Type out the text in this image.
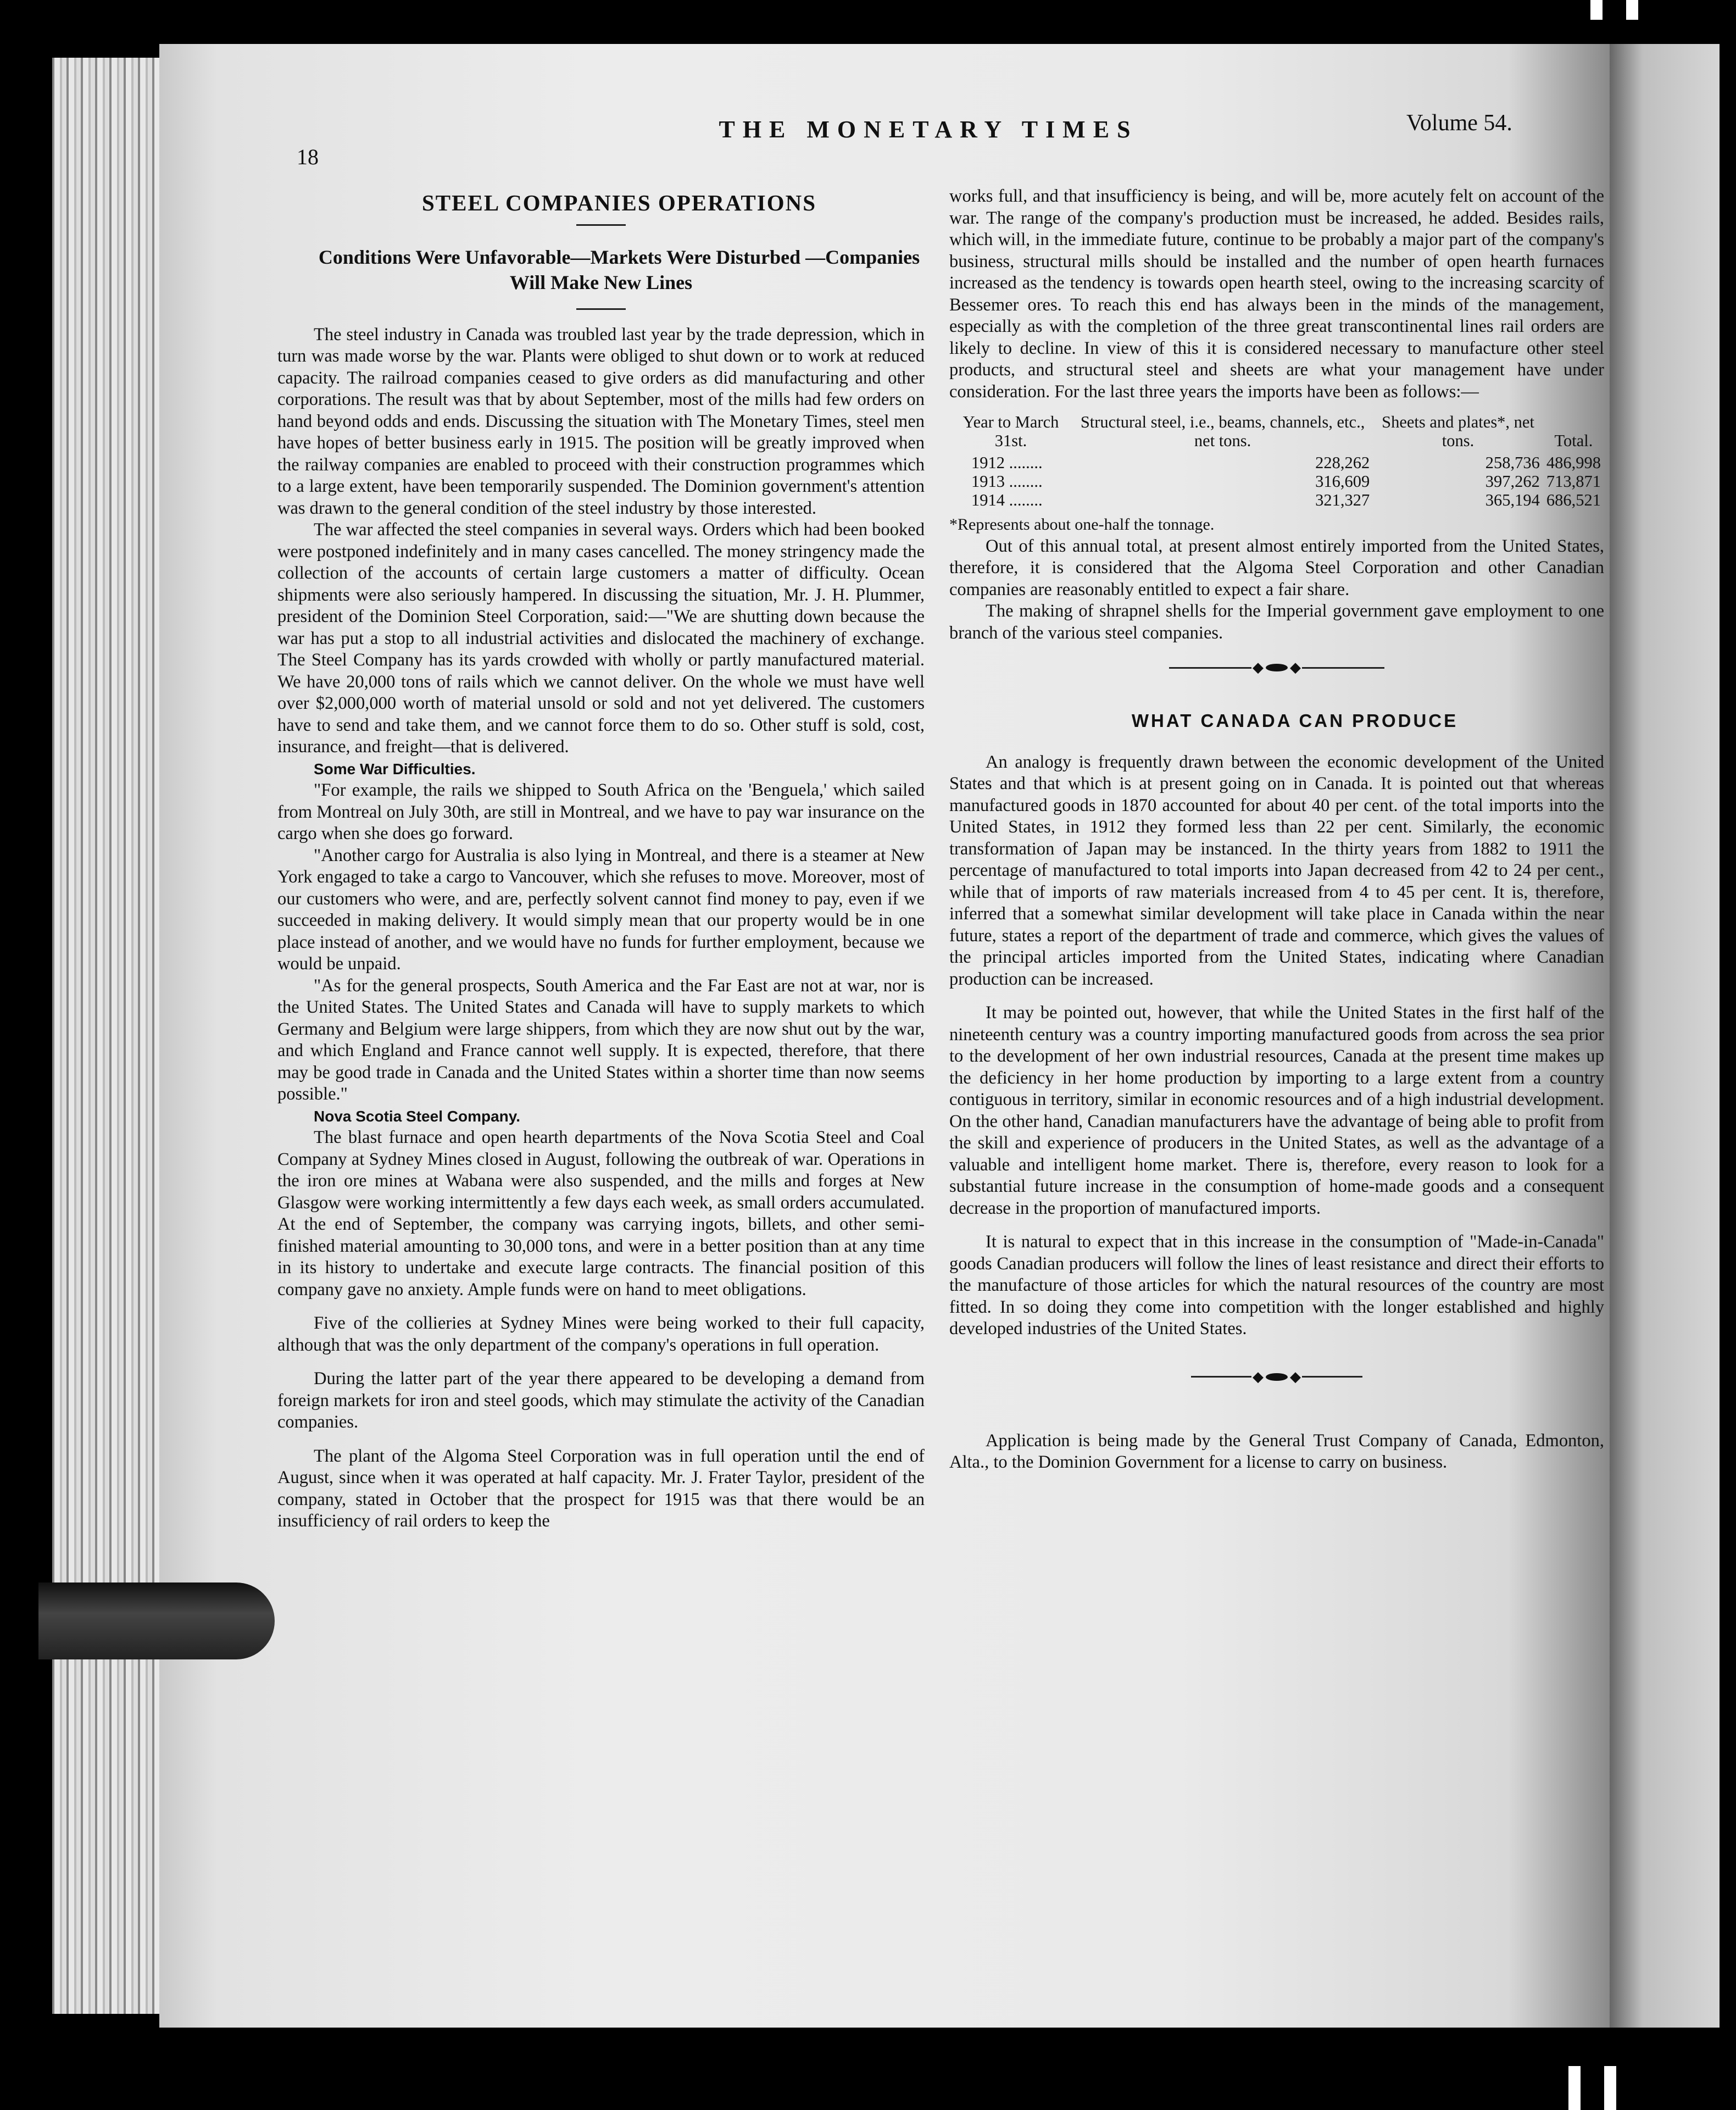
18
THE MONETARY TIMES	Volume 54.

STEEL COMPANIES OPERATIONS

Conditions Were Unfavorable—Markets Were Disturbed —Companies Will Make New Lines

The steel industry in Canada was troubled last year by the trade depression, which in turn was made worse by the war. Plants were obliged to shut down or to work at reduced capacity. The railroad companies ceased to give orders as did manufacturing and other corporations. The result was that by about September, most of the mills had few orders on hand beyond odds and ends. Discussing the situation with The Monetary Times, steel men have hopes of better business early in 1915. The position will be greatly improved when the railway companies are enabled to proceed with their construction programmes which to a large extent, have been temporarily suspended. The Dominion government's attention was drawn to the general condition of the steel industry by those interested.

The war affected the steel companies in several ways. Orders which had been booked were postponed indefinitely and in many cases cancelled. The money stringency made the collection of the accounts of certain large customers a matter of difficulty. Ocean shipments were also seriously hampered. In discussing the situation, Mr. J. H. Plummer, president of the Dominion Steel Corporation, said:—"We are shutting down because the war has put a stop to all industrial activities and dislocated the machinery of exchange. The Steel Company has its yards crowded with wholly or partly manufactured material. We have 20,000 tons of rails which we cannot deliver. On the whole we must have well over $2,000,000 worth of material unsold or sold and not yet delivered. The customers have to send and take them, and we cannot force them to do so. Other stuff is sold, cost, insurance, and freight—that is delivered.

Some War Difficulties.

"For example, the rails we shipped to South Africa on the 'Benguela,' which sailed from Montreal on July 30th, are still in Montreal, and we have to pay war insurance on the cargo when she does go forward.

"Another cargo for Australia is also lying in Montreal, and there is a steamer at New York engaged to take a cargo to Vancouver, which she refuses to move. Moreover, most of our customers who were, and are, perfectly solvent cannot find money to pay, even if we succeeded in making delivery. It would simply mean that our property would be in one place instead of another, and we would have no funds for further employment, because we would be unpaid.

"As for the general prospects, South America and the Far East are not at war, nor is the United States. The United States and Canada will have to supply markets to which Germany and Belgium were large shippers, from which they are now shut out by the war, and which England and France cannot well supply. It is expected, therefore, that there may be good trade in Canada and the United States within a shorter time than now seems possible."

Nova Scotia Steel Company.

The blast furnace and open hearth departments of the Nova Scotia Steel and Coal Company at Sydney Mines closed in August, following the outbreak of war. Operations in the iron ore mines at Wabana were also suspended, and the mills and forges at New Glasgow were working intermittently a few days each week, as small orders accumulated. At the end of September, the company was carrying ingots, billets, and other semi-finished material amounting to 30,000 tons, and were in a better position than at any time in its history to undertake and execute large contracts. The financial position of this company gave no anxiety. Ample funds were on hand to meet obligations.

Five of the collieries at Sydney Mines were being worked to their full capacity, although that was the only department of the company's operations in full operation.

During the latter part of the year there appeared to be developing a demand from foreign markets for iron and steel goods, which may stimulate the activity of the Canadian companies.

The plant of the Algoma Steel Corporation was in full operation until the end of August, since when it was operated at half capacity. Mr. J. Frater Taylor, president of the company, stated in October that the prospect for 1915 was that there would be an insufficiency of rail orders to keep the

works full, and that insufficiency is being, and will be, more acutely felt on account of the war. The range of the company's production must be increased, he added. Besides rails, which will, in the immediate future, continue to be probably a major part of the company's business, structural mills should be installed and the number of open hearth furnaces increased as the tendency is towards open hearth steel, owing to the increasing scarcity of Bessemer ores. To reach this end has always been in the minds of the management, especially as with the completion of the three great transcontinental lines rail orders are likely to decline. In view of this it is considered necessary to manufacture other steel products, and structural steel and sheets are what your management have under consideration. For the last three years the imports have been as follows:—

Year to March 31st.	Structural steel, i.e., beams, channels, etc., net tons.	Sheets and plates*, net tons.	Total.
1912 ........	228,262	258,736	486,998
1913 ........	316,609	397,262	713,871
1914 ........	321,327	365,194	686,521

*Represents about one-half the tonnage.

Out of this annual total, at present almost entirely imported from the United States, therefore, it is considered that the Algoma Steel Corporation and other Canadian companies are reasonably entitled to expect a fair share.

The making of shrapnel shells for the Imperial government gave employment to one branch of the various steel companies.

◆ ◆

WHAT CANADA CAN PRODUCE

An analogy is frequently drawn between the economic development of the United States and that which is at present going on in Canada. It is pointed out that whereas manufactured goods in 1870 accounted for about 40 per cent. of the total imports into the United States, in 1912 they formed less than 22 per cent. Similarly, the economic transformation of Japan may be instanced. In the thirty years from 1882 to 1911 the percentage of manufactured to total imports into Japan decreased from 42 to 24 per cent., while that of imports of raw materials increased from 4 to 45 per cent. It is, therefore, inferred that a somewhat similar development will take place in Canada within the near future, states a report of the department of trade and commerce, which gives the values of the principal articles imported from the United States, indicating where Canadian production can be increased.

It may be pointed out, however, that while the United States in the first half of the nineteenth century was a country importing manufactured goods from across the sea prior to the development of her own industrial resources, Canada at the present time makes up the deficiency in her home production by importing to a large extent from a country contiguous in territory, similar in economic resources and of a high industrial development. On the other hand, Canadian manufacturers have the advantage of being able to profit from the skill and experience of producers in the United States, as well as the advantage of a valuable and intelligent home market. There is, therefore, every reason to look for a substantial future increase in the consumption of home-made goods and a consequent decrease in the proportion of manufactured imports.

It is natural to expect that in this increase in the consumption of "Made-in-Canada" goods Canadian producers will follow the lines of least resistance and direct their efforts to the manufacture of those articles for which the natural resources of the country are most fitted. In so doing they come into competition with the longer established and highly developed industries of the United States.

◆ ◆

Application is being made by the General Trust Company of Canada, Edmonton, Alta., to the Dominion Government for a license to carry on business.
